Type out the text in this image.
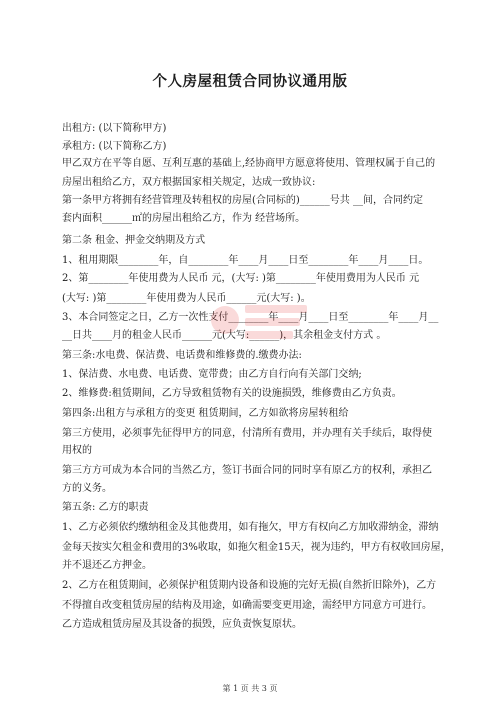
个人房屋租赁合同协议通用版
出租方: (以下简称甲方)
承租方: (以下简称乙方)
甲乙双方在平等自愿、互利互惠的基础上,经协商甲方愿意将使用、管理权属于自己的
房屋出租给乙方，双方根据国家相关规定，达成一致协议:
第一条甲方将拥有经营管理及转租权的房屋(合同标的)______号共 __间，合同约定
套内面积______㎡的房屋出租给乙方，作为 经营场所。
第二条 租金、押金交纳期及方式
1、租用期限________年，自________年____月____日至________年____月____日。
2、第________年使用费为人民币 元，(大写: )第________年使用费用为人民币 元
(大写: )第________年使用费为人民币______元(大写: )。
3、本合同签定之日，乙方一次性支付________年____月____日至________年____月__
__日共____月的租金人民币______元(大写:______)，其余租金支付方式 。
第三条:水电费、保洁费、电话费和维修费的.缴费办法:
1、保洁费、水电费、电话费、宽带费；由乙方自行向有关部门交纳;
2、维修费:租赁期间，乙方导致租赁物有关的设施损毁，维修费由乙方负责。
第四条:出租方与承租方的变更 租赁期间，乙方如欲将房屋转租给
第三方使用，必须事先征得甲方的同意，付清所有费用，并办理有关手续后，取得使
用权的
第三方方可成为本合同的当然乙方，签订书面合同的同时享有原乙方的权利，承担乙
方的义务。
第五条: 乙方的职责
1、乙方必须依约缴纳租金及其他费用，如有拖欠，甲方有权向乙方加收滞纳金，滞纳
金每天按实欠租金和费用的3%收取，如拖欠租金15天，视为违约，甲方有权收回房屋，
并不退还乙方押金。
2、乙方在租赁期间，必须保护租赁期内设备和设施的完好无损(自然折旧除外)，乙方
不得擅自改变租赁房屋的结构及用途，如确需要变更用途，需经甲方同意方可进行。
乙方造成租赁房屋及其设备的损毁，应负责恢复原状。
第 1 页 共 3 页
